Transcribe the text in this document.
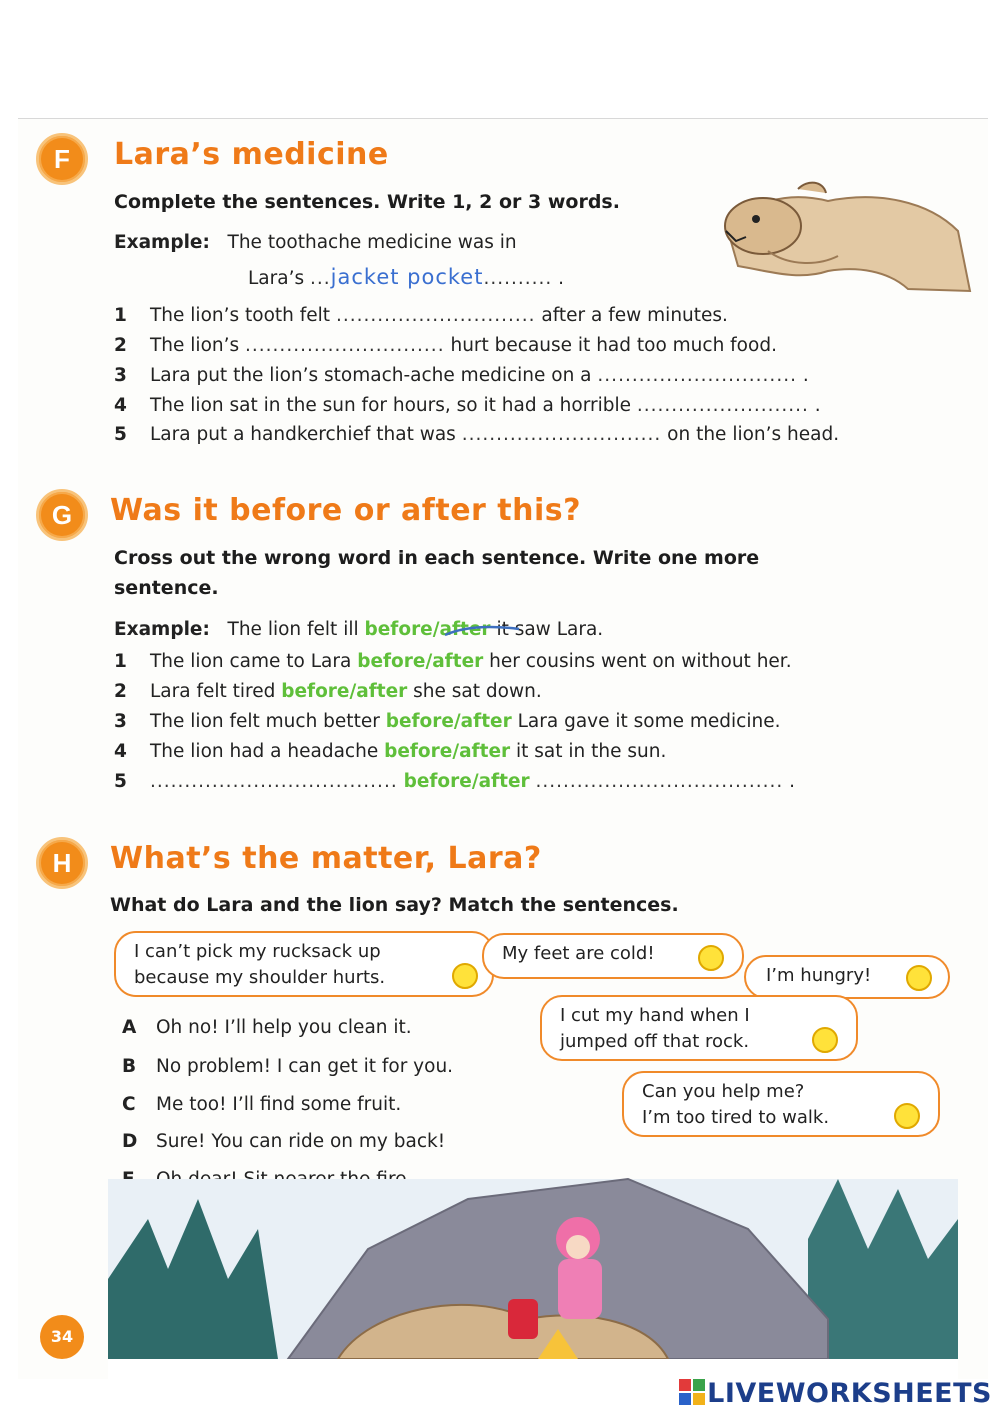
F	Lara’s medicine
Complete the sentences. Write 1, 2 or 3 words.
Example: The toothache medicine was in
Lara’s ...jacket pocket.......... .
1 The lion’s tooth felt ............................. after a few minutes.
2 The lion’s ............................. hurt because it had too much food.
3 Lara put the lion’s stomach-ache medicine on a ............................. .
4 The lion sat in the sun for hours, so it had a horrible ......................... .
5 Lara put a handkerchief that was ............................. on the lion’s head.
G	Was it before or after this?
Cross out the wrong word in each sentence. Write one more
sentence.
Example: The lion felt ill before/after it saw Lara.
1 The lion came to Lara before/after her cousins went on without her.
2 Lara felt tired before/after she sat down.
3 The lion felt much better before/after Lara gave it some medicine.
4 The lion had a headache before/after it sat in the sun.
5 .................................... before/after .................................... .
H	What’s the matter, Lara?
What do Lara and the lion say? Match the sentences.
I can’t pick my rucksack up
because my shoulder hurts.
My feet are cold!
I’m hungry!
I cut my hand when I
jumped off that rock.
Can you help me?
I’m too tired to walk.
A Oh no! I’ll help you clean it.
B No problem! I can get it for you.
C Me too! I’ll find some fruit.
D Sure! You can ride on my back!
34
LIVEWORKSHEETS
